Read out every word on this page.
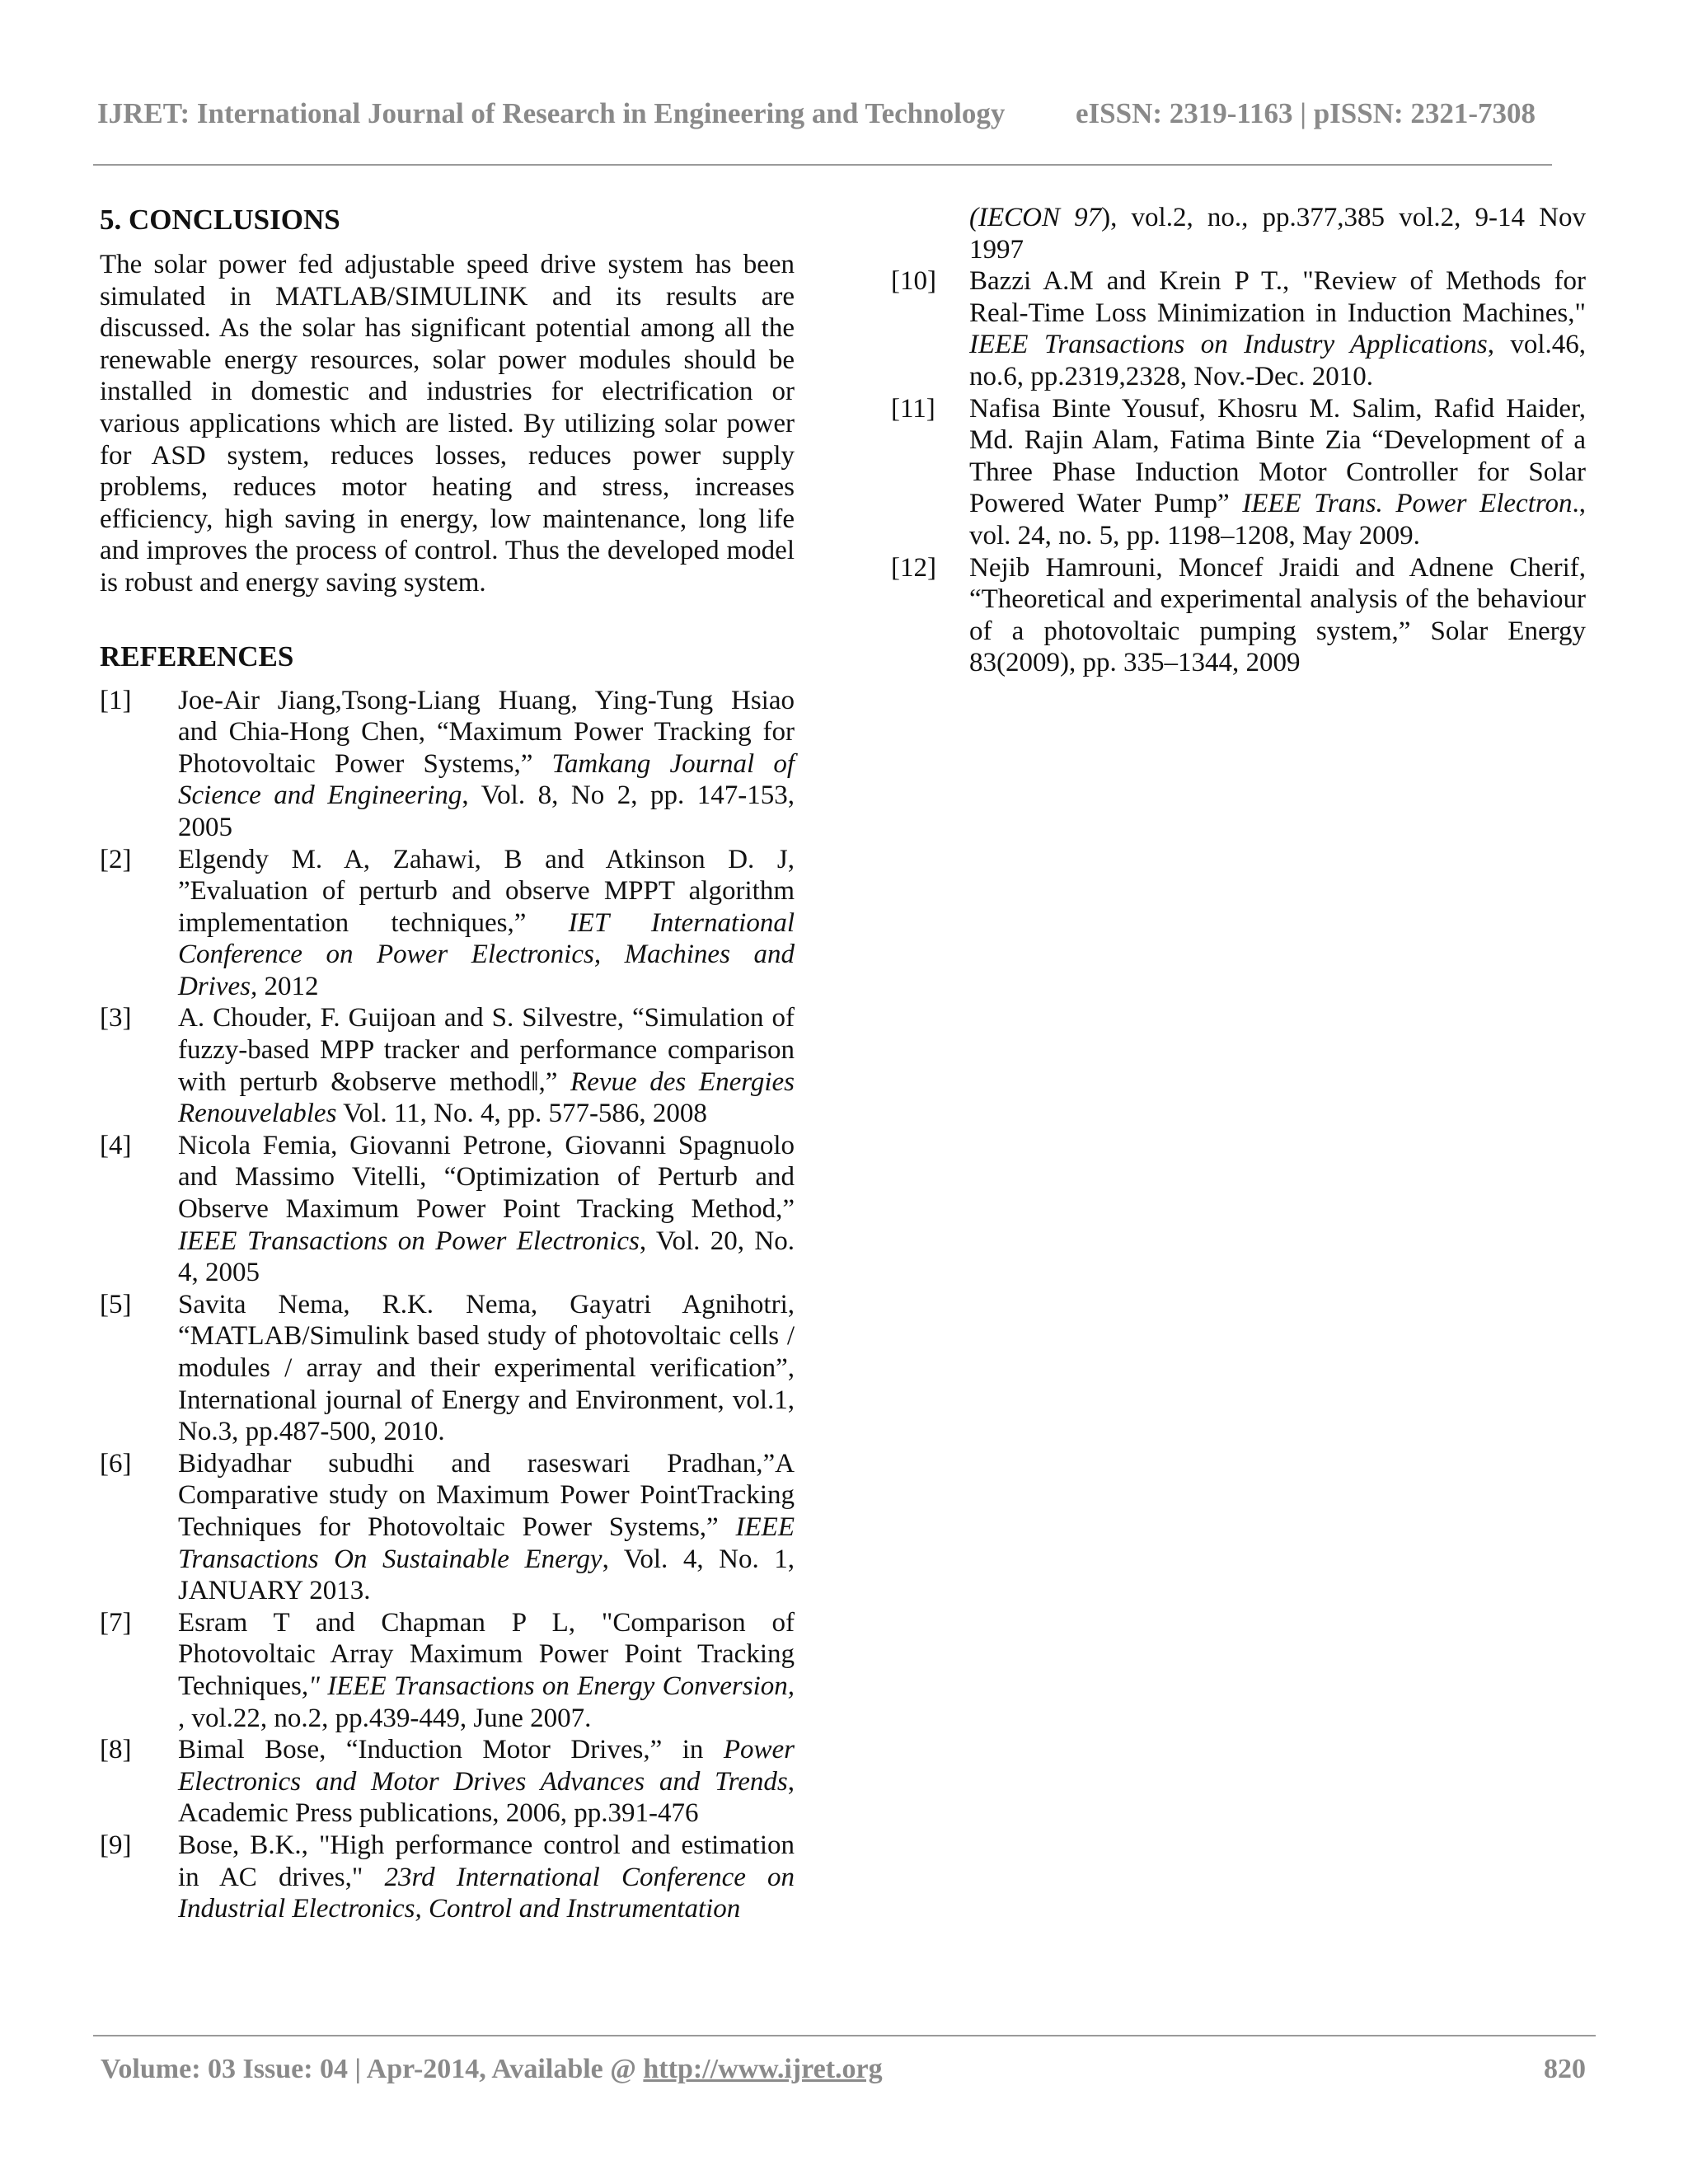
IJRET: International Journal of Research in Engineering and Technology eISSN: 2319-1163 | pISSN: 2321-7308
5. CONCLUSIONS

The solar power fed adjustable speed drive system has been simulated in MATLAB/SIMULINK and its results are discussed. As the solar has significant potential among all the renewable energy resources, solar power modules should be installed in domestic and industries for electrification or various applications which are listed. By utilizing solar power for ASD system, reduces losses, reduces power supply problems, reduces motor heating and stress, increases efficiency, high saving in energy, low maintenance, long life and improves the process of control. Thus the developed model is robust and energy saving system.

REFERENCES
[1] Joe-Air Jiang,Tsong-Liang Huang, Ying-Tung Hsiao and Chia-Hong Chen, “Maximum Power Tracking for Photovoltaic Power Systems,” Tamkang Journal of Science and Engineering, Vol. 8, No 2, pp. 147-153, 2005
[2] Elgendy M. A, Zahawi, B and Atkinson D. J, ”Evaluation of perturb and observe MPPT algorithm implementation techniques,” IET International Conference on Power Electronics, Machines and Drives, 2012
[3] A. Chouder, F. Guijoan and S. Silvestre, “Simulation of fuzzy-based MPP tracker and performance comparison with perturb &observe methodǁ,” Revue des Energies Renouvelables Vol. 11, No. 4, pp. 577-586, 2008
[4] Nicola Femia, Giovanni Petrone, Giovanni Spagnuolo and Massimo Vitelli, “Optimization of Perturb and Observe Maximum Power Point Tracking Method,” IEEE Transactions on Power Electronics, Vol. 20, No. 4, 2005
[5] Savita Nema, R.K. Nema, Gayatri Agnihotri, “MATLAB/Simulink based study of photovoltaic cells / modules / array and their experimental verification”, International journal of Energy and Environment, vol.1, No.3, pp.487-500, 2010.
[6] Bidyadhar subudhi and raseswari Pradhan,”A Comparative study on Maximum Power PointTracking Techniques for Photovoltaic Power Systems,” IEEE Transactions On Sustainable Energy, Vol. 4, No. 1, JANUARY 2013.
[7] Esram T and Chapman P L, "Comparison of Photovoltaic Array Maximum Power Point Tracking Techniques," IEEE Transactions on Energy Conversion, , vol.22, no.2, pp.439-449, June 2007.
[8] Bimal Bose, “Induction Motor Drives,” in Power Electronics and Motor Drives Advances and Trends, Academic Press publications, 2006, pp.391-476
[9] Bose, B.K., "High performance control and estimation in AC drives," 23rd International Conference on Industrial Electronics, Control and Instrumentation
(IECON 97), vol.2, no., pp.377,385 vol.2, 9-14 Nov 1997
[10] Bazzi A.M and Krein P T., "Review of Methods for Real-Time Loss Minimization in Induction Machines," IEEE Transactions on Industry Applications, vol.46, no.6, pp.2319,2328, Nov.-Dec. 2010.
[11] Nafisa Binte Yousuf, Khosru M. Salim, Rafid Haider, Md. Rajin Alam, Fatima Binte Zia “Development of a Three Phase Induction Motor Controller for Solar Powered Water Pump” IEEE Trans. Power Electron., vol. 24, no. 5, pp. 1198–1208, May 2009.
[12] Nejib Hamrouni, Moncef Jraidi and Adnene Cherif, “Theoretical and experimental analysis of the behaviour of a photovoltaic pumping system,” Solar Energy 83(2009), pp. 335–1344, 2009
Volume: 03 Issue: 04 | Apr-2014, Available @ http://www.ijret.org	820
